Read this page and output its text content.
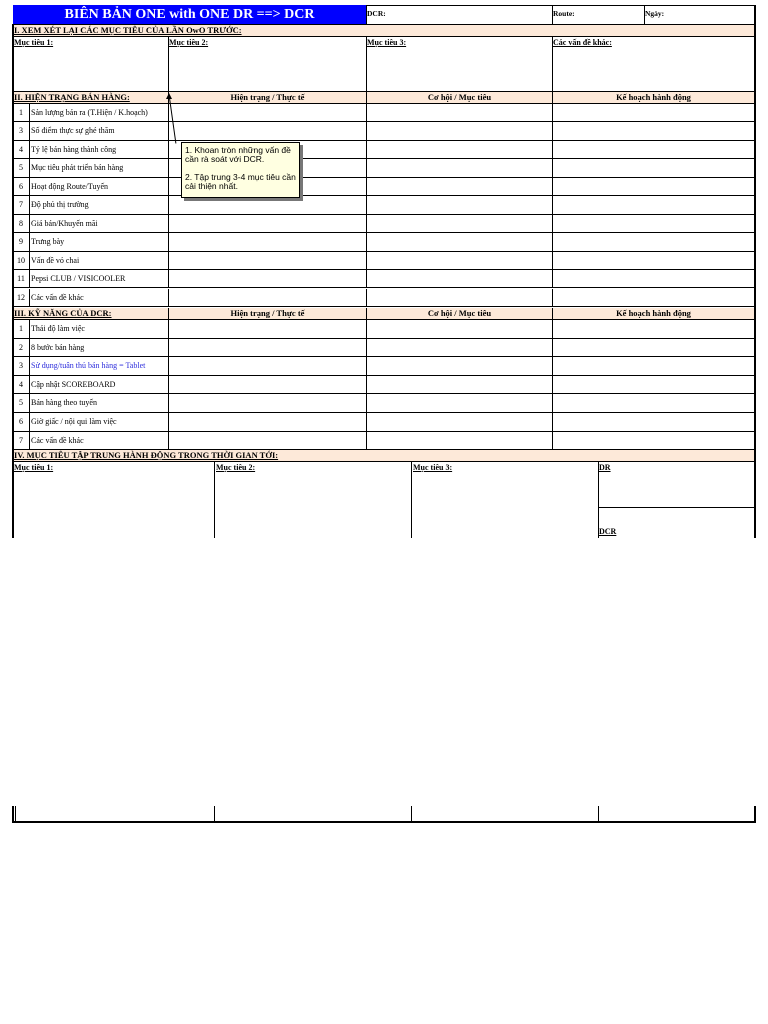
BIÊN BẢN ONE with ONE DR ==> DCR	DCR:	Route:	Ngày:
I. XEM XÉT LẠI CÁC MỤC TIÊU CỦA LẦN OwO TRƯỚC:
Mục tiêu 1:	Mục tiêu 2:	Mục tiêu 3:	Các vấn đề khác:
II. HIỆN TRẠNG BÁN HÀNG:	Hiện trạng / Thực tế	Cơ hội / Mục tiêu	Kế hoạch hành động
1	Sản lượng bán ra (T.Hiện / K.hoạch)
3	Số điểm thực sự ghé thăm
4	Tỷ lệ bán hàng thành công
5	Mục tiêu phát triển bán hàng
6	Hoạt động Route/Tuyến
7	Độ phủ thị trường
8	Giá bán/Khuyến mãi
9	Trưng bày
10 Vấn đề vỏ chai
11 Pepsi CLUB / VISICOOLER
12 Các vấn đề khác
III. KỸ NĂNG CỦA DCR:	Hiện trạng / Thực tế	Cơ hội / Mục tiêu	Kế hoạch hành động
1	Thái độ làm việc
2	8 bước bán hàng
3	Sử dụng/tuân thủ bán hàng = Tablet
4	Cập nhật SCOREBOARD
5	Bán hàng theo tuyến
6	Giờ giấc / nội qui làm việc
7	Các vấn đề khác
IV. MỤC TIÊU TẬP TRUNG HÀNH ĐỘNG TRONG THỜI GIAN TỚI:
Mục tiêu 1:	Mục tiêu 2:	Mục tiêu 3:	DR
DCR
1. Khoan tròn những vấn đề cần rà soát với DCR.

2. Tập trung 3-4 mục tiêu cần cải thiện nhất.
